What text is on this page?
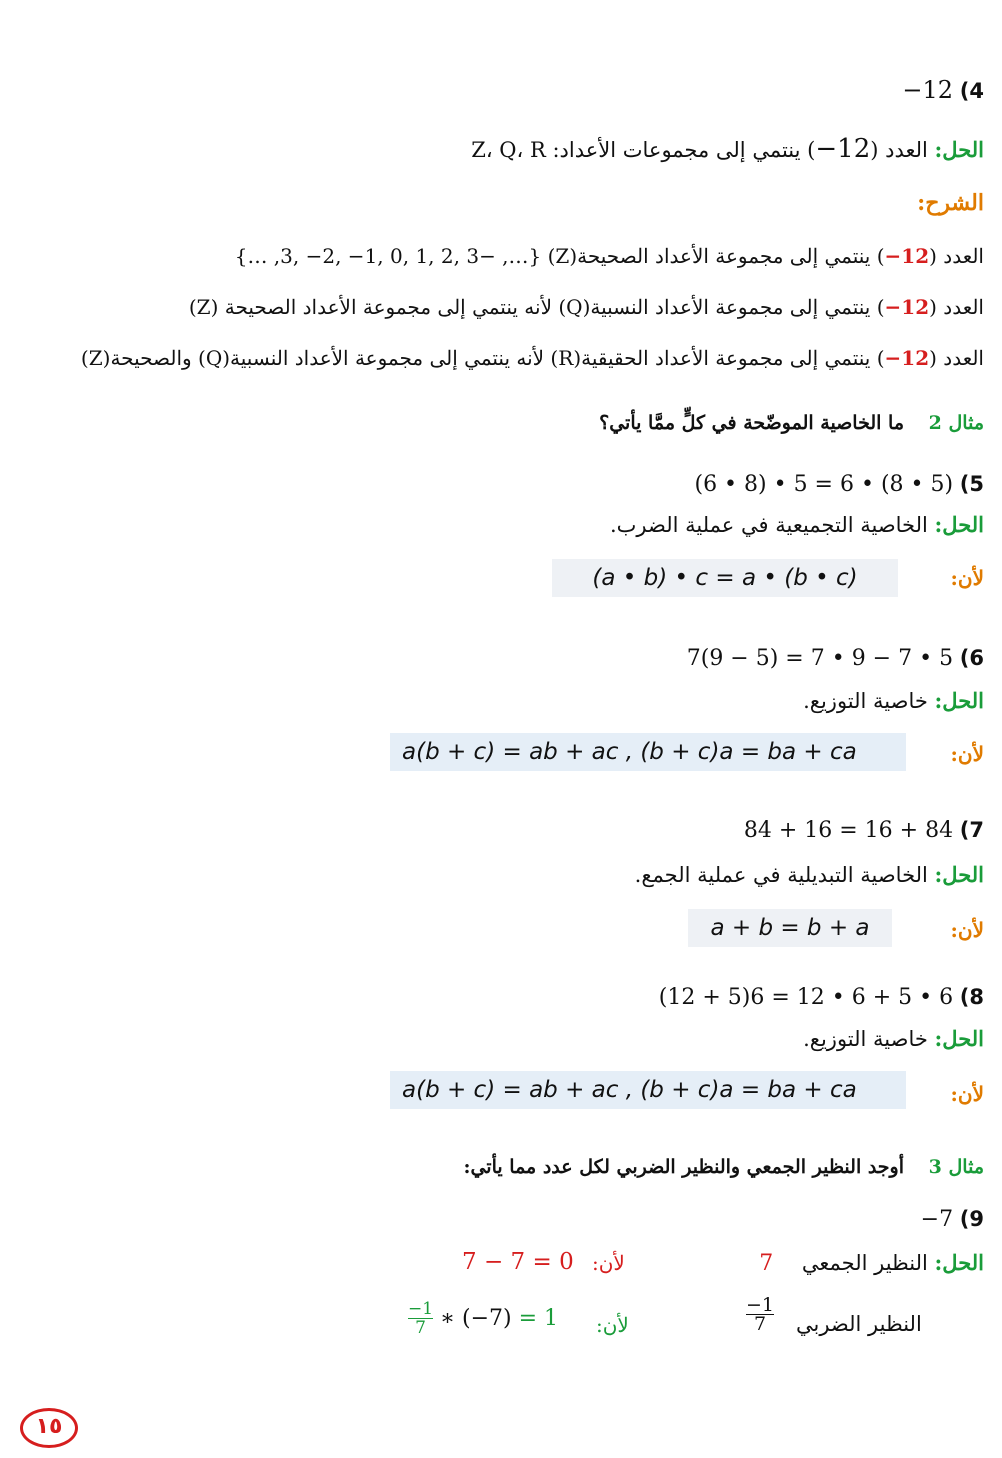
4) −12
الحل: العدد (12−) ينتمي إلى مجموعات الأعداد: Z، Q، R
الشرح:
العدد (12−) ينتمي إلى مجموعة الأعداد الصحيحة(Z) {…, −3, −2, −1, 0, 1, 2, 3, …}
العدد (12−) ينتمي إلى مجموعة الأعداد النسبية(Q) لأنه ينتمي إلى مجموعة الأعداد الصحيحة (Z)
العدد (12−) ينتمي إلى مجموعة الأعداد الحقيقية(R) لأنه ينتمي إلى مجموعة الأعداد النسبية(Q) والصحيحة(Z)
مثال 2 ما الخاصية الموضّحة في كلٍّ ممَّا يأتي؟
5) (6 • 8) • 5 = 6 • (8 • 5)
الحل: الخاصية التجميعية في عملية الضرب.
لأن:
(a • b) • c = a • (b • c)
6) 7(9 − 5) = 7 • 9 − 7 • 5
الحل: خاصية التوزيع.
لأن:
a(b + c) = ab + ac , (b + c)a = ba + ca
7) 84 + 16 = 16 + 84
الحل: الخاصية التبديلية في عملية الجمع.
لأن:
a + b = b + a
8) (12 + 5)6 = 12 • 6 + 5 • 6
الحل: خاصية التوزيع.
لأن:
a(b + c) = ab + ac , (b + c)a = ba + ca
مثال 3 أوجد النظير الجمعي والنظير الضربي لكل عدد مما يأتي:
9) −7
الحل: النظير الجمعي 7
لأن:
7 − 7 = 0
النظير الضربي
$\frac{-1}{7}$
لأن:
$\frac{-1}{7}$ ∗ (−7) = 1
١٥
